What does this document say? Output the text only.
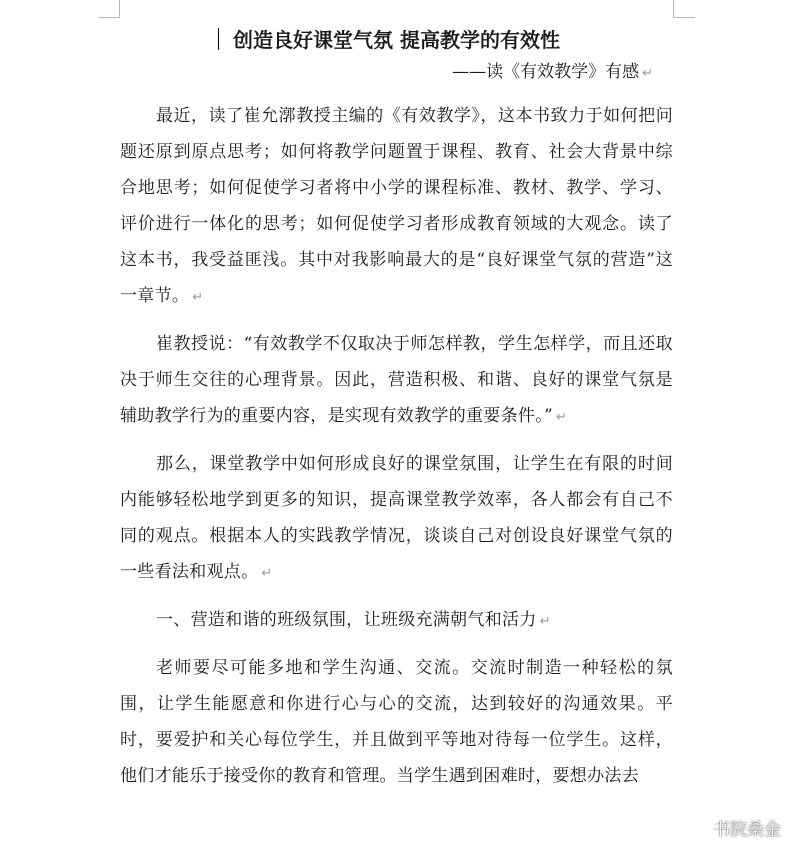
创造良好课堂气氛 提高教学的有效性
——读《有效教学》有感 ↵

最近，读了崔允漷教授主编的《有效教学》，这本书致力于如何把问题还原到原点思考；如何将教学问题置于课程、教育、社会大背景中综合地思考；如何促使学习者将中小学的课程标准、教材、教学、学习、评价进行一体化的思考；如何促使学习者形成教育领域的大观念。读了这本书，我受益匪浅。其中对我影响最大的是“良好课堂气氛的营造”这一章节。 ↵

崔教授说：“有效教学不仅取决于师怎样教，学生怎样学，而且还取决于师生交往的心理背景。因此，营造积极、和谐、良好的课堂气氛是辅助教学行为的重要内容，是实现有效教学的重要条件。” ↵

那么，课堂教学中如何形成良好的课堂氛围，让学生在有限的时间内能够轻松地学到更多的知识，提高课堂教学效率，各人都会有自己不同的观点。根据本人的实践教学情况，谈谈自己对创设良好课堂气氛的一些看法和观点。 ↵

一、营造和谐的班级氛围，让班级充满朝气和活力 ↵

老师要尽可能多地和学生沟通、交流。交流时制造一种轻松的氛围，让学生能愿意和你进行心与心的交流，达到较好的沟通效果。平时，要爱护和关心每位学生，并且做到平等地对待每一位学生。这样，他们才能乐于接受你的教育和管理。当学生遇到困难时，要想办法去

书院桑金
